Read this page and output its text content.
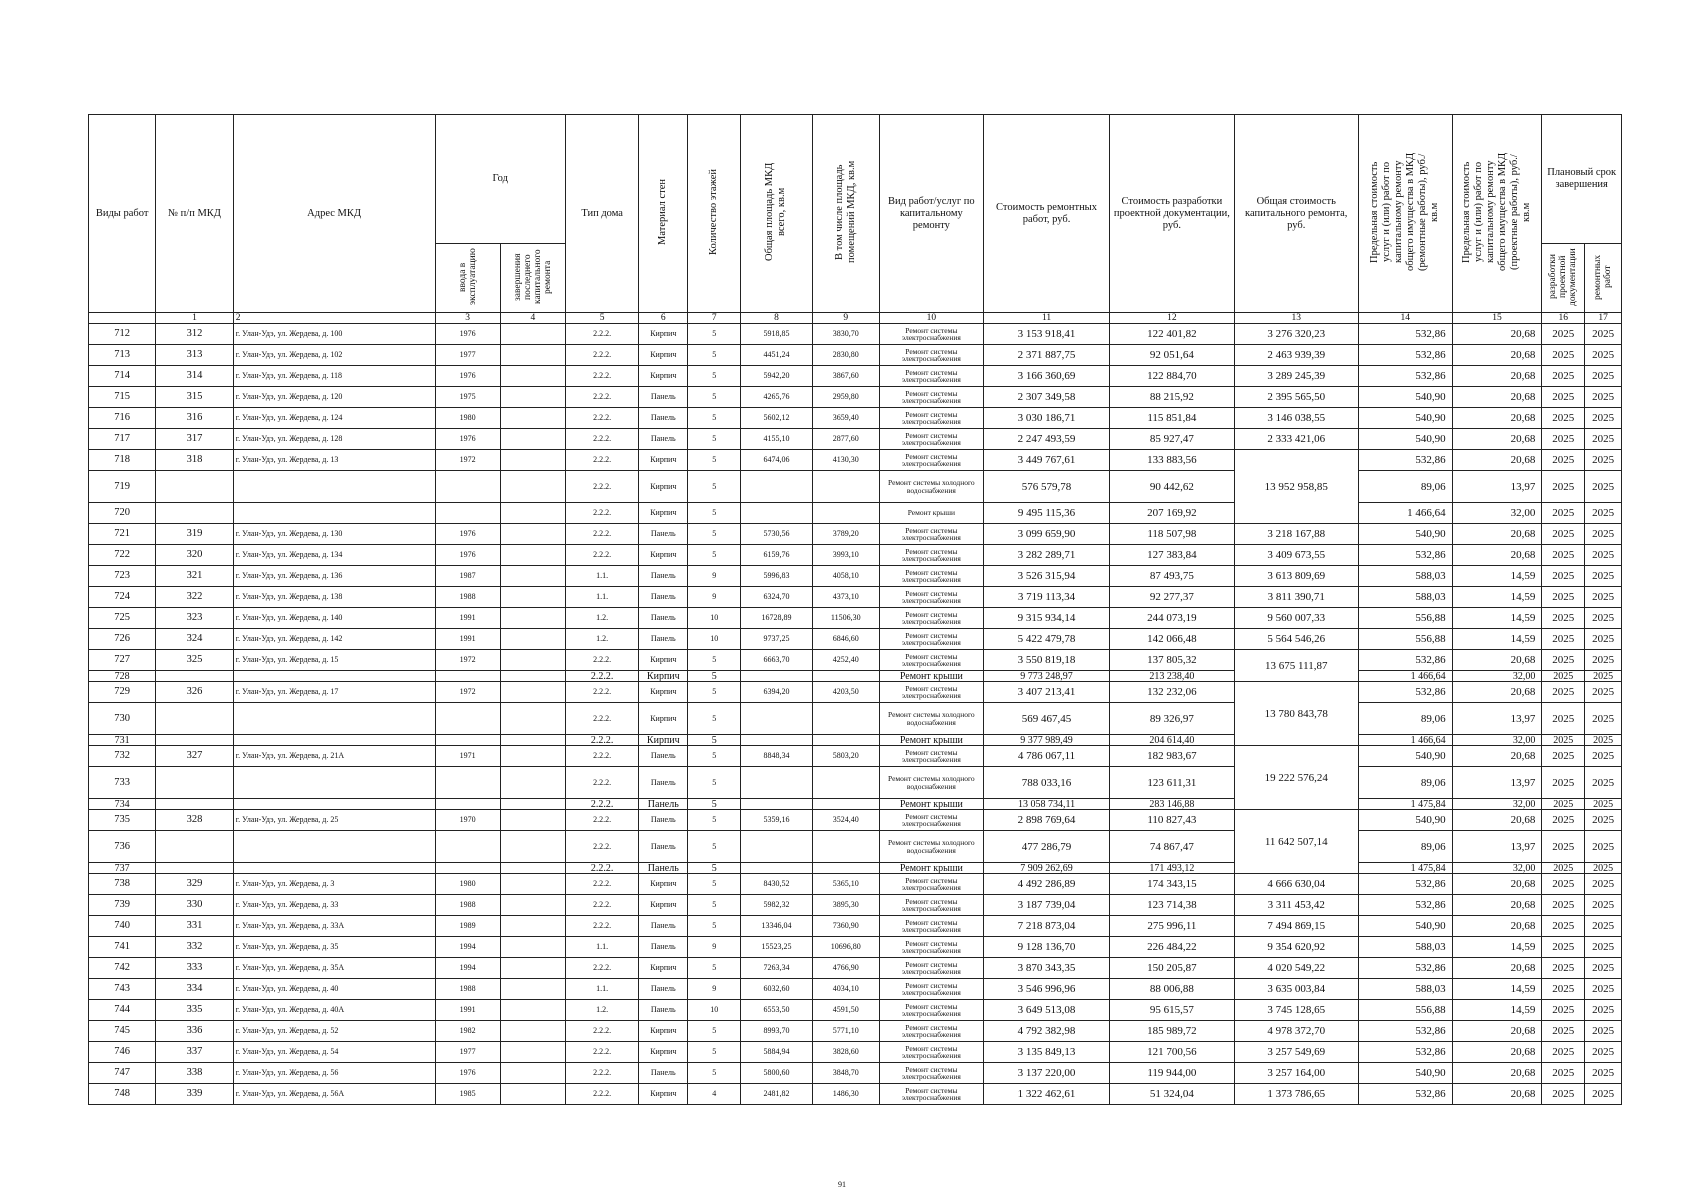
Виды работ	№ п/п МКД	Адрес МКД	Год		Тип дома	Материал стен	Количество этажей	Общая площадь МКД всего, кв.м	В том числе площадь помещений МКД, кв.м	Вид работ/услуг по капитальному ремонту	Стоимость ремонтных работ, руб.	Стоимость разработки проектной документации, руб.	Общая стоимость капитального ремонта, руб.	Предельная стоимость услуг и (или) работ по капитальному ремонту общего имущества в МКД (ремонтные работы), руб./кв.м	Предельная стоимость услуг и (или) работ по капитальному ремонту общего имущества в МКД (проектные работы), руб./кв.м	Плановый срок завершения	
			ввода в эксплуатацию	завершения последнего капитального ремонта												разработки проектной документации	ремонтных работ
	1	2	3	4	5	6	7	8	9	10	11	12	13	14	15	16	17
712	312	г. Улан-Удэ, ул. Жердева, д. 100	1976		2.2.2.	Кирпич	5	5918,85	3830,70	Ремонт системы электроснабжения	3 153 918,41	122 401,82	3 276 320,23	532,86	20,68	2025	2025
713	313	г. Улан-Удэ, ул. Жердева, д. 102	1977		2.2.2.	Кирпич	5	4451,24	2830,80	Ремонт системы электроснабжения	2 371 887,75	92 051,64	2 463 939,39	532,86	20,68	2025	2025
714	314	г. Улан-Удэ, ул. Жердева, д. 118	1976		2.2.2.	Кирпич	5	5942,20	3867,60	Ремонт системы электроснабжения	3 166 360,69	122 884,70	3 289 245,39	532,86	20,68	2025	2025
715	315	г. Улан-Удэ, ул. Жердева, д. 120	1975		2.2.2.	Панель	5	4265,76	2959,80	Ремонт системы электроснабжения	2 307 349,58	88 215,92	2 395 565,50	540,90	20,68	2025	2025
716	316	г. Улан-Удэ, ул. Жердева, д. 124	1980		2.2.2.	Панель	5	5602,12	3659,40	Ремонт системы электроснабжения	3 030 186,71	115 851,84	3 146 038,55	540,90	20,68	2025	2025
717	317	г. Улан-Удэ, ул. Жердева, д. 128	1976		2.2.2.	Панель	5	4155,10	2877,60	Ремонт системы электроснабжения	2 247 493,59	85 927,47	2 333 421,06	540,90	20,68	2025	2025
718	318	г. Улан-Удэ, ул. Жердева, д. 13	1972		2.2.2.	Кирпич	5	6474,06	4130,30	Ремонт системы электроснабжения	3 449 767,61	133 883,56	13 952 958,85	532,86	20,68	2025	2025
719					2.2.2.	Кирпич	5			Ремонт системы холодного водоснабжения	576 579,78	90 442,62		89,06	13,97	2025	2025
720					2.2.2.	Кирпич	5			Ремонт крыши	9 495 115,36	207 169,92		1 466,64	32,00	2025	2025
721	319	г. Улан-Удэ, ул. Жердева, д. 130	1976		2.2.2.	Панель	5	5730,56	3789,20	Ремонт системы электроснабжения	3 099 659,90	118 507,98	3 218 167,88	540,90	20,68	2025	2025
722	320	г. Улан-Удэ, ул. Жердева, д. 134	1976		2.2.2.	Кирпич	5	6159,76	3993,10	Ремонт системы электроснабжения	3 282 289,71	127 383,84	3 409 673,55	532,86	20,68	2025	2025
723	321	г. Улан-Удэ, ул. Жердева, д. 136	1987		1.1.	Панель	9	5996,83	4058,10	Ремонт системы электроснабжения	3 526 315,94	87 493,75	3 613 809,69	588,03	14,59	2025	2025
724	322	г. Улан-Удэ, ул. Жердева, д. 138	1988		1.1.	Панель	9	6324,70	4373,10	Ремонт системы электроснабжения	3 719 113,34	92 277,37	3 811 390,71	588,03	14,59	2025	2025
725	323	г. Улан-Удэ, ул. Жердева, д. 140	1991		1.2.	Панель	10	16728,89	11506,30	Ремонт системы электроснабжения	9 315 934,14	244 073,19	9 560 007,33	556,88	14,59	2025	2025
726	324	г. Улан-Удэ, ул. Жердева, д. 142	1991		1.2.	Панель	10	9737,25	6846,60	Ремонт системы электроснабжения	5 422 479,78	142 066,48	5 564 546,26	556,88	14,59	2025	2025
727	325	г. Улан-Удэ, ул. Жердева, д. 15	1972		2.2.2.	Кирпич	5	6663,70	4252,40	Ремонт системы электроснабжения	3 550 819,18	137 805,32	13 675 111,87	532,86	20,68	2025	2025
728					2.2.2.	Кирпич	5			Ремонт крыши	9 773 248,97	213 238,40		1 466,64	32,00	2025	2025
729	326	г. Улан-Удэ, ул. Жердева, д. 17	1972		2.2.2.	Кирпич	5	6394,20	4203,50	Ремонт системы электроснабжения	3 407 213,41	132 232,06	13 780 843,78	532,86	20,68	2025	2025
730					2.2.2.	Кирпич	5			Ремонт системы холодного водоснабжения	569 467,45	89 326,97		89,06	13,97	2025	2025
731					2.2.2.	Кирпич	5			Ремонт крыши	9 377 989,49	204 614,40		1 466,64	32,00	2025	2025
732	327	г. Улан-Удэ, ул. Жердева, д. 21А	1971		2.2.2.	Панель	5	8848,34	5803,20	Ремонт системы электроснабжения	4 786 067,11	182 983,67	19 222 576,24	540,90	20,68	2025	2025
733					2.2.2.	Панель	5			Ремонт системы холодного водоснабжения	788 033,16	123 611,31		89,06	13,97	2025	2025
734					2.2.2.	Панель	5			Ремонт крыши	13 058 734,11	283 146,88		1 475,84	32,00	2025	2025
735	328	г. Улан-Удэ, ул. Жердева, д. 25	1970		2.2.2.	Панель	5	5359,16	3524,40	Ремонт системы электроснабжения	2 898 769,64	110 827,43	11 642 507,14	540,90	20,68	2025	2025
736					2.2.2.	Панель	5			Ремонт системы холодного водоснабжения	477 286,79	74 867,47		89,06	13,97	2025	2025
737					2.2.2.	Панель	5			Ремонт крыши	7 909 262,69	171 493,12		1 475,84	32,00	2025	2025
738	329	г. Улан-Удэ, ул. Жердева, д. 3	1980		2.2.2.	Кирпич	5	8430,52	5365,10	Ремонт системы электроснабжения	4 492 286,89	174 343,15	4 666 630,04	532,86	20,68	2025	2025
739	330	г. Улан-Удэ, ул. Жердева, д. 33	1988		2.2.2.	Кирпич	5	5982,32	3895,30	Ремонт системы электроснабжения	3 187 739,04	123 714,38	3 311 453,42	532,86	20,68	2025	2025
740	331	г. Улан-Удэ, ул. Жердева, д. 33А	1989		2.2.2.	Панель	5	13346,04	7360,90	Ремонт системы электроснабжения	7 218 873,04	275 996,11	7 494 869,15	540,90	20,68	2025	2025
741	332	г. Улан-Удэ, ул. Жердева, д. 35	1994		1.1.	Панель	9	15523,25	10696,80	Ремонт системы электроснабжения	9 128 136,70	226 484,22	9 354 620,92	588,03	14,59	2025	2025
742	333	г. Улан-Удэ, ул. Жердева, д. 35А	1994		2.2.2.	Кирпич	5	7263,34	4766,90	Ремонт системы электроснабжения	3 870 343,35	150 205,87	4 020 549,22	532,86	20,68	2025	2025
743	334	г. Улан-Удэ, ул. Жердева, д. 40	1988		1.1.	Панель	9	6032,60	4034,10	Ремонт системы электроснабжения	3 546 996,96	88 006,88	3 635 003,84	588,03	14,59	2025	2025
744	335	г. Улан-Удэ, ул. Жердева, д. 40А	1991		1.2.	Панель	10	6553,50	4591,50	Ремонт системы электроснабжения	3 649 513,08	95 615,57	3 745 128,65	556,88	14,59	2025	2025
745	336	г. Улан-Удэ, ул. Жердева, д. 52	1982		2.2.2.	Кирпич	5	8993,70	5771,10	Ремонт системы электроснабжения	4 792 382,98	185 989,72	4 978 372,70	532,86	20,68	2025	2025
746	337	г. Улан-Удэ, ул. Жердева, д. 54	1977		2.2.2.	Кирпич	5	5884,94	3828,60	Ремонт системы электроснабжения	3 135 849,13	121 700,56	3 257 549,69	532,86	20,68	2025	2025
747	338	г. Улан-Удэ, ул. Жердева, д. 56	1976		2.2.2.	Панель	5	5800,60	3848,70	Ремонт системы электроснабжения	3 137 220,00	119 944,00	3 257 164,00	540,90	20,68	2025	2025
748	339	г. Улан-Удэ, ул. Жердева, д. 56А	1985		2.2.2.	Кирпич	4	2481,82	1486,30	Ремонт системы электроснабжения	1 322 462,61	51 324,04	1 373 786,65	532,86	20,68	2025	2025
91
